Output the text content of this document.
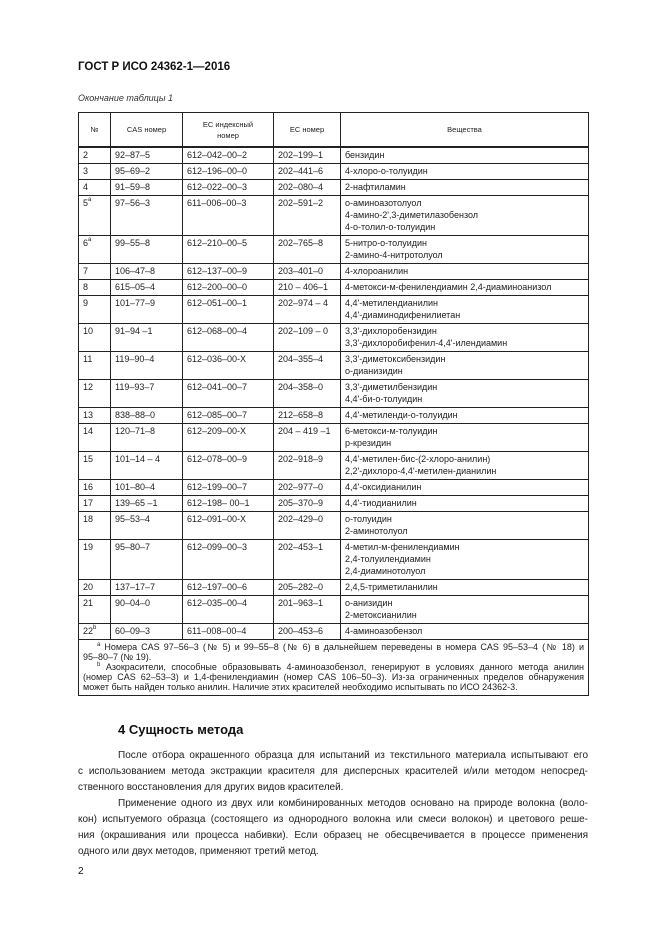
ГОСТ Р ИСО 24362-1—2016
Окончание таблицы 1
№	CAS номер	ЕС индексный номер	ЕС номер	Вещества
2	92–87–5	612–042–00–2	202–199–1	бензидин
3	95–69–2	612–196–00–0	202–441–6	4-хлоро-о-толуидин
4	91–59–8	612–022–00–3	202–080–4	2-нафтиламин
5$^a$	97–56–3	611–006–00–3	202–591–2	о-аминоазотолуол
4-амино-2',3-диметилазобензол
4-о-толил-о-толуидин
6$^a$	99–55–8	612–210–00–5	202–765–8	5-нитро-о-толуидин
2-амино-4-нитротолуол
7	106–47–8	612–137–00–9	203–401–0	4-хлороанилин
8	615–05–4	612–200–00–0	210 – 406–1	4-метокси-м-фенилендиамин 2,4-диаминоанизол
9	101–77–9	612–051–00–1	202–974 – 4	4,4'-метилендианилин
4,4'-диаминодифенилиетан
10	91–94 –1	612–068–00–4	202–109 – 0	3,3'-дихлоробензидин
3,3'-дихлоробифенил-4,4'-илендиамин
11	119–90–4	612–036–00-X	204–355–4	3,3'-диметоксибензидин
о-дианизидин
12	119–93–7	612–041–00–7	204–358–0	3,3'-диметилбензидин
4,4'-би-о-толуидин
13	838–88–0	612–085–00–7	212–658–8	4,4'-метиленди-о-толуидин
14	120–71–8	612–209–00-X	204 – 419 –1	6-метокси-м-толуидин
р-крезидин
15	101–14 – 4	612–078–00–9	202–918–9	4,4'-метилен-бис-(2-хлоро-анилин)
2,2'-дихлоро-4,4'-метилен-дианилин
16	101–80–4	612–199–00–7	202–977–0	4,4'-оксидианилин
17	139–65 –1	612–198– 00–1	205–370–9	4,4'-тиодианилин
18	95–53–4	612–091–00-X	202–429–0	о-толуидин
2-аминотолуол
19	95–80–7	612–099–00–3	202–453–1	4-метил-м-фенилендиамин
2,4-толуилендиамин
2,4-диаминотолуол
20	137–17–7	612–197–00–6	205–282–0	2,4,5-триметиланилин
21	90–04–0	612–035–00–4	201–963–1	о-анизидин
2-метоксианилин
22$^b$	60–09–3	611–008–00–4	200–453–6	4-аминоазобензол

$^a$ Номера CAS 97–56–3 (№ 5) и 99–55–8 (№ 6) в дальнейшем переведены в номера CAS 95–53–4 (№ 18) и
95–80–7 (№ 19).
$^b$ Азокрасители, способные образовывать 4-аминоазобензол, генерируют в условиях данного метода анилин
(номер CAS 62–53–3) и 1,4-фенилендиамин (номер CAS 106–50–3). Из-за ограниченных пределов обнаружения
может быть найден только анилин. Наличие этих красителей необходимо испытывать по ИСО 24362-3.				
4 Сущность метода
После отбора окрашенного образца для испытаний из текстильного материала испытывают его
с использованием метода экстракции красителя для дисперсных красителей и/или методом непосред-
ственного восстановления для других видов красителей.
Применение одного из двух или комбинированных методов основано на природе волокна (воло-
кон) испытуемого образца (состоящего из однородного волокна или смеси волокон) и цветового реше-
ния (окрашивания или процесса набивки). Если образец не обесцвечивается в процессе применения
одного или двух методов, применяют третий метод.
2
